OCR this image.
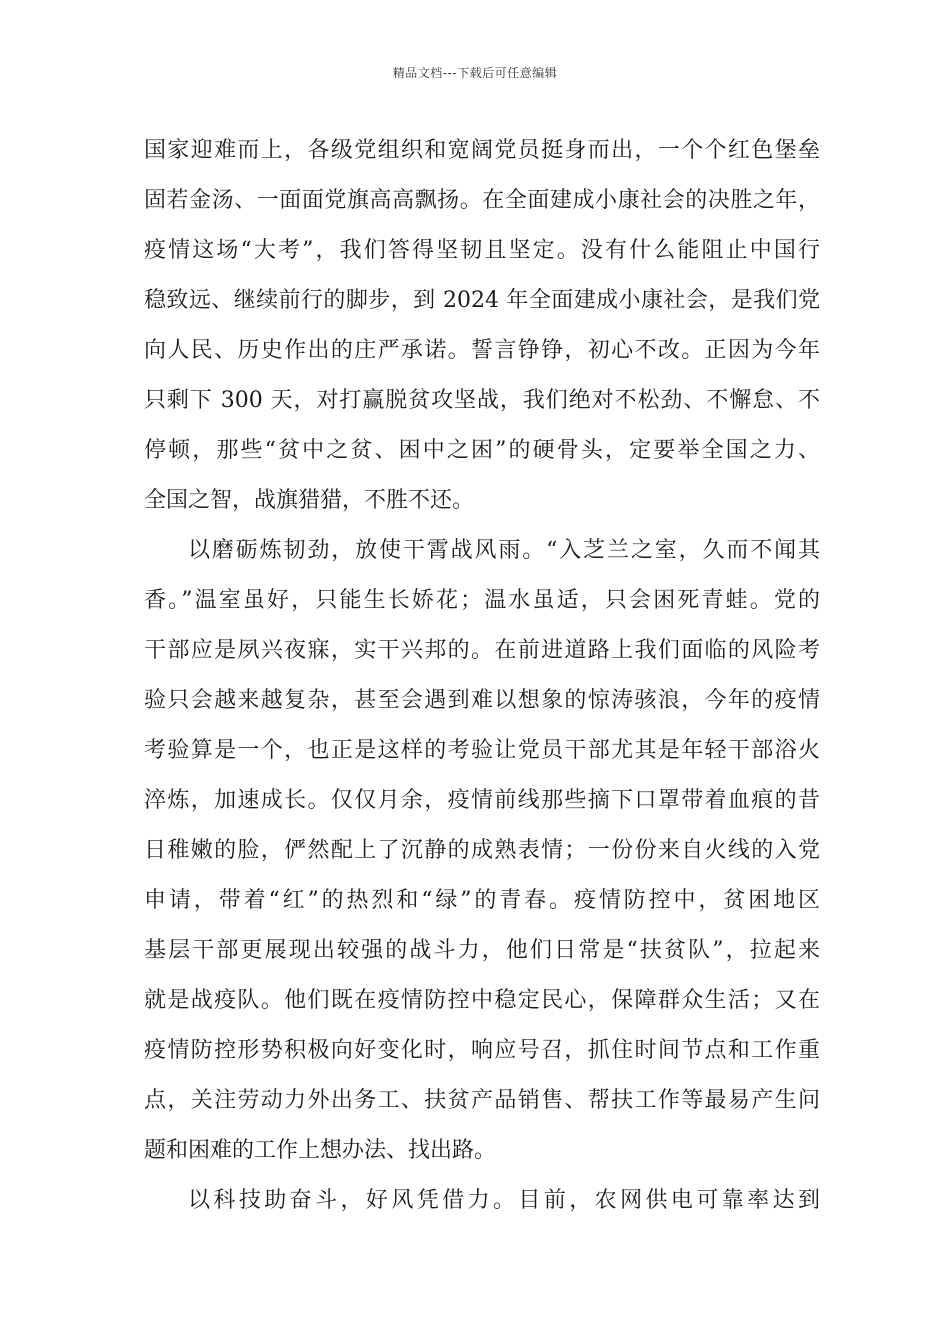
精品文档---下载后可任意编辑
国家迎难而上，各级党组织和宽阔党员挺身而出，一个个红色堡垒
固若金汤、一面面党旗高高飘扬。在全面建成小康社会的决胜之年，
疫情这场“大考”，我们答得坚韧且坚定。没有什么能阻止中国行
稳致远、继续前行的脚步，到 2024 年全面建成小康社会，是我们党
向人民、历史作出的庄严承诺。誓言铮铮，初心不改。正因为今年
只剩下 300 天，对打赢脱贫攻坚战，我们绝对不松劲、不懈怠、不
停顿，那些“贫中之贫、困中之困”的硬骨头，定要举全国之力、
全国之智，战旗猎猎，不胜不还。
以磨砺炼韧劲，放使干霄战风雨。“入芝兰之室，久而不闻其
香。”温室虽好，只能生长娇花；温水虽适，只会困死青蛙。党的
干部应是夙兴夜寐，实干兴邦的。在前进道路上我们面临的风险考
验只会越来越复杂，甚至会遇到难以想象的惊涛骇浪，今年的疫情
考验算是一个，也正是这样的考验让党员干部尤其是年轻干部浴火
淬炼，加速成长。仅仅月余，疫情前线那些摘下口罩带着血痕的昔
日稚嫩的脸，俨然配上了沉静的成熟表情；一份份来自火线的入党
申请，带着“红”的热烈和“绿”的青春。疫情防控中，贫困地区
基层干部更展现出较强的战斗力，他们日常是“扶贫队”，拉起来
就是战疫队。他们既在疫情防控中稳定民心，保障群众生活；又在
疫情防控形势积极向好变化时，响应号召，抓住时间节点和工作重
点，关注劳动力外出务工、扶贫产品销售、帮扶工作等最易产生问
题和困难的工作上想办法、找出路。
以科技助奋斗，好风凭借力。目前，农网供电可靠率达到
